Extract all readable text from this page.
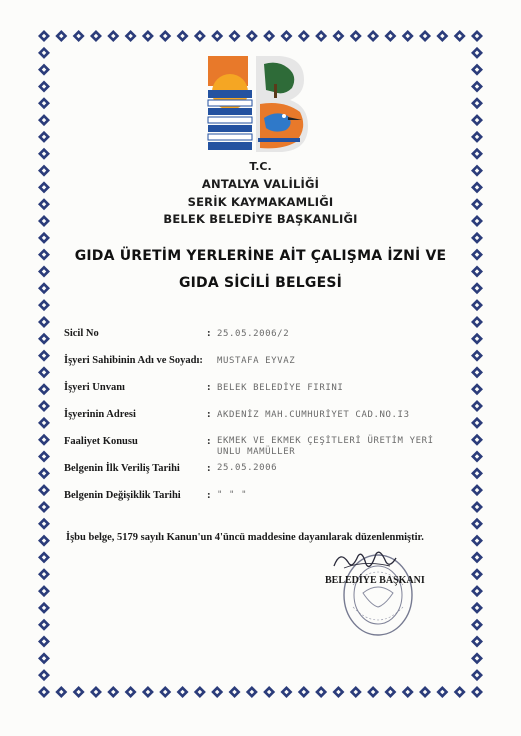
T.C.
ANTALYA VALİLİĞİ
SERİK KAYMAKAMLIĞI
BELEK BELEDİYE BAŞKANLIĞI
GIDA ÜRETİM YERLERİNE AİT ÇALIŞMA İZNİ VE
GIDA SİCİLİ BELGESİ
Sicil No	: 25.05.2006/2
İşyeri Sahibinin Adı ve Soyadı: MUSTAFA EYVAZ
İşyeri Unvanı	: BELEK BELEDİYE FIRINI
İşyerinin Adresi	: AKDENİZ MAH.CUMHURİYET CAD.NO.I3
Faaliyet Konusu	: EKMEK VE EKMEK ÇEŞİTLERİ ÜRETİM YERİ
UNLU MAMÜLLER
Belgenin İlk Veriliş Tarihi : 25.05.2006
Belgenin Değişiklik Tarihi : " " "
İşbu belge, 5179 sayılı Kanun'un 4'üncü maddesine dayanılarak düzenlenmiştir.
BELEDİYE BAŞKANI
